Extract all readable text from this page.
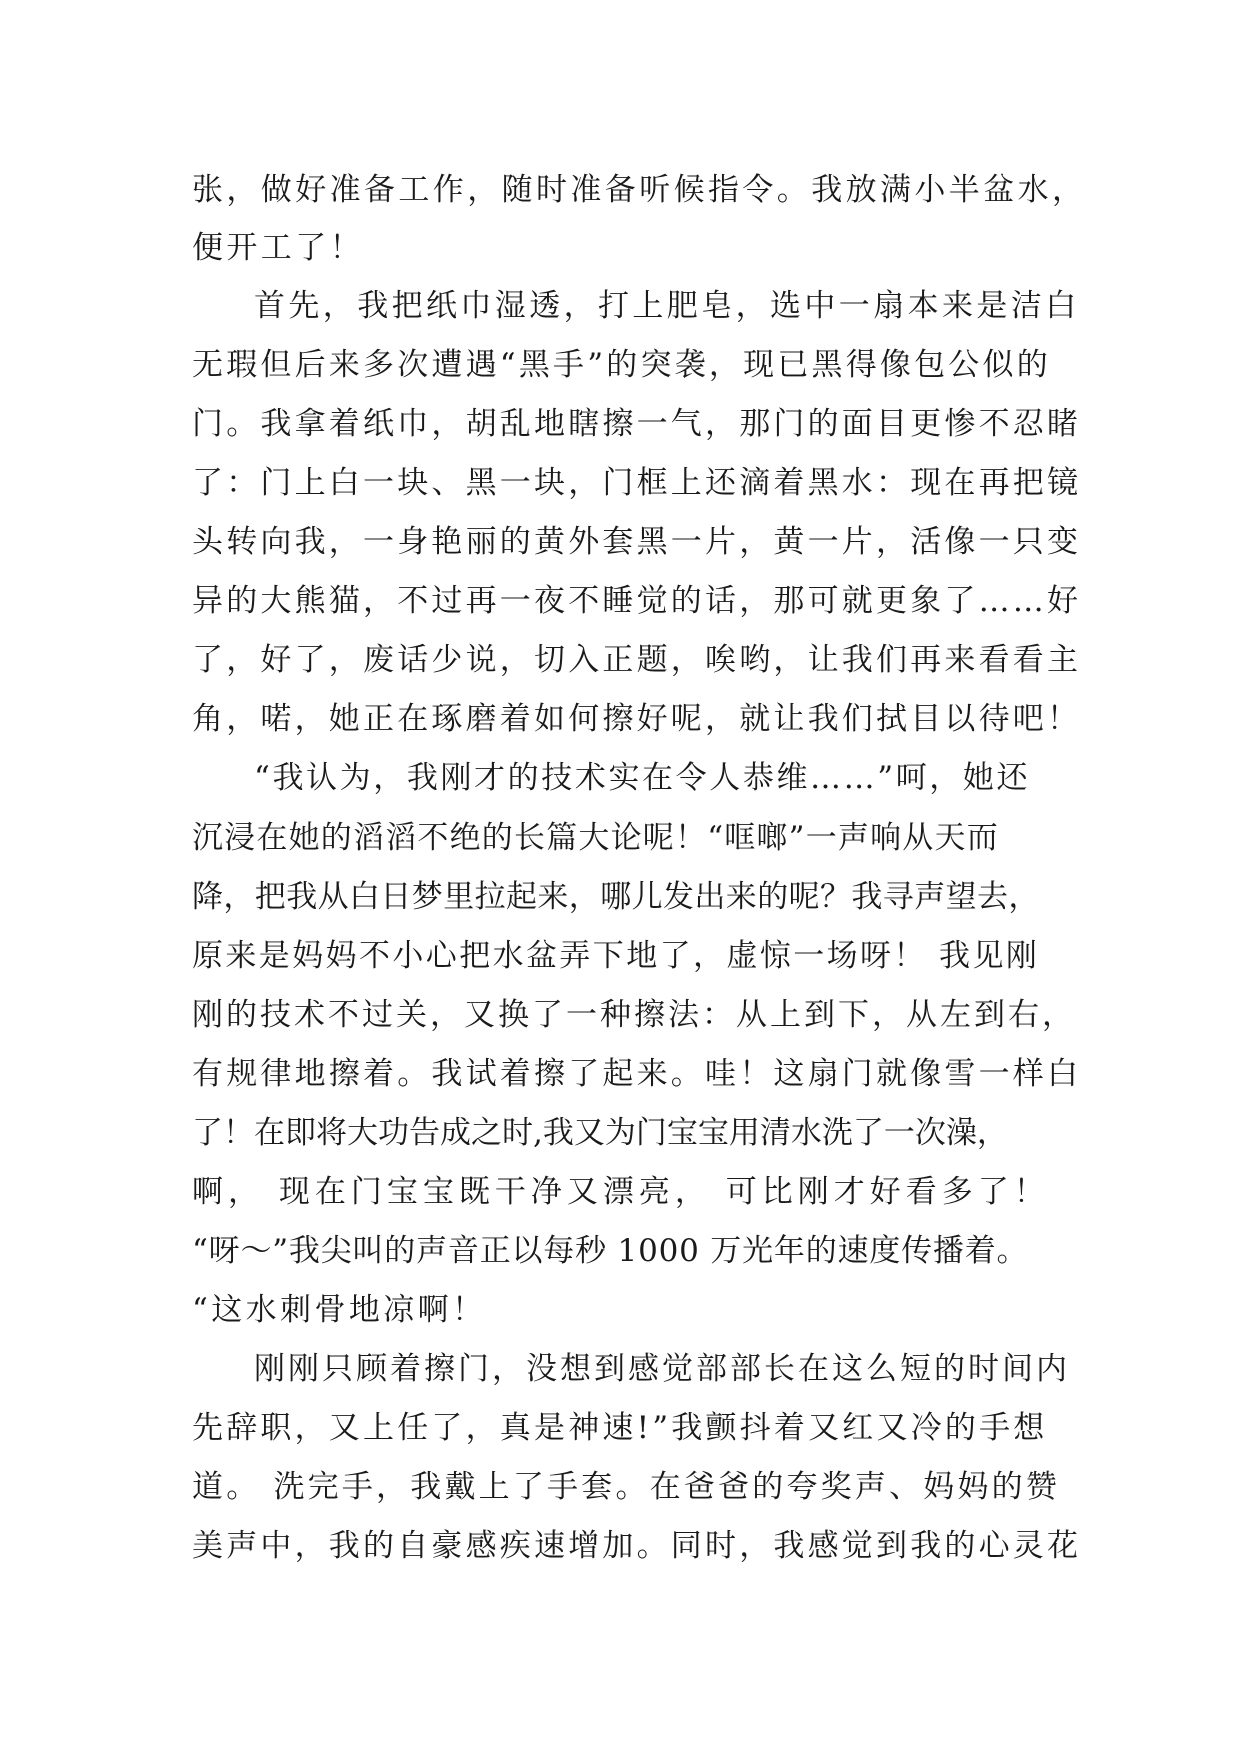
张，做好准备工作，随时准备听候指令。我放满小半盆水，
便开工了！
首先，我把纸巾湿透，打上肥皂，选中一扇本来是洁白
无瑕但后来多次遭遇“黑手”的突袭，现已黑得像包公似的
门。我拿着纸巾，胡乱地瞎擦一气，那门的面目更惨不忍睹
了：门上白一块、黑一块，门框上还滴着黑水：现在再把镜
头转向我，一身艳丽的黄外套黑一片，黄一片，活像一只变
异的大熊猫，不过再一夜不睡觉的话，那可就更象了……好
了，好了，废话少说，切入正题，唉哟，让我们再来看看主
角，喏，她正在琢磨着如何擦好呢，就让我们拭目以待吧！
“我认为，我刚才的技术实在令人恭维……”呵，她还
沉浸在她的滔滔不绝的长篇大论呢！“哐啷”一声响从天而
降，把我从白日梦里拉起来，哪儿发出来的呢？我寻声望去，
原来是妈妈不小心把水盆弄下地了，虚惊一场呀！ 我见刚
刚的技术不过关，又换了一种擦法：从上到下，从左到右，
有规律地擦着。我试着擦了起来。哇！这扇门就像雪一样白
了！在即将大功告成之时,我又为门宝宝用清水洗了一次澡，
啊， 现在门宝宝既干净又漂亮， 可比刚才好看多了！
“呀～”我尖叫的声音正以每秒 1000 万光年的速度传播着。
“这水刺骨地凉啊！
刚刚只顾着擦门，没想到感觉部部长在这么短的时间内
先辞职，又上任了，真是神速!”我颤抖着又红又冷的手想
道。 洗完手，我戴上了手套。在爸爸的夸奖声、妈妈的赞
美声中，我的自豪感疾速增加。同时，我感觉到我的心灵花
